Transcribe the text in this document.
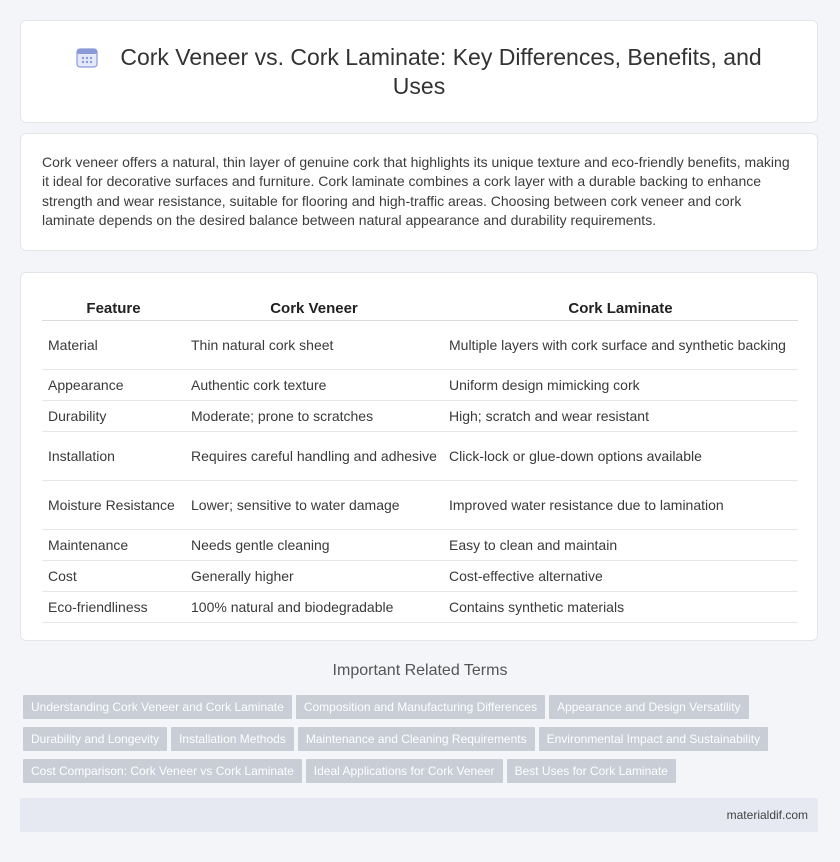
Cork Veneer vs. Cork Laminate: Key Differences, Benefits, and Uses
Cork veneer offers a natural, thin layer of genuine cork that highlights its unique texture and eco-friendly benefits, making it ideal for decorative surfaces and furniture. Cork laminate combines a cork layer with a durable backing to enhance strength and wear resistance, suitable for flooring and high-traffic areas. Choosing between cork veneer and cork laminate depends on the desired balance between natural appearance and durability requirements.
Feature	Cork Veneer	Cork Laminate
Material	Thin natural cork sheet	Multiple layers with cork surface and synthetic backing
Appearance	Authentic cork texture	Uniform design mimicking cork
Durability	Moderate; prone to scratches	High; scratch and wear resistant
Installation	Requires careful handling and adhesive	Click-lock or glue-down options available
Moisture Resistance	Lower; sensitive to water damage	Improved water resistance due to lamination
Maintenance	Needs gentle cleaning	Easy to clean and maintain
Cost	Generally higher	Cost-effective alternative
Eco-friendliness	100% natural and biodegradable	Contains synthetic materials
Important Related Terms
Understanding Cork Veneer and Cork Laminate Composition and Manufacturing Differences Appearance and Design Versatility
Durability and Longevity Installation Methods Maintenance and Cleaning Requirements Environmental Impact and Sustainability
Cost Comparison: Cork Veneer vs Cork Laminate Ideal Applications for Cork Veneer Best Uses for Cork Laminate
materialdif.com
